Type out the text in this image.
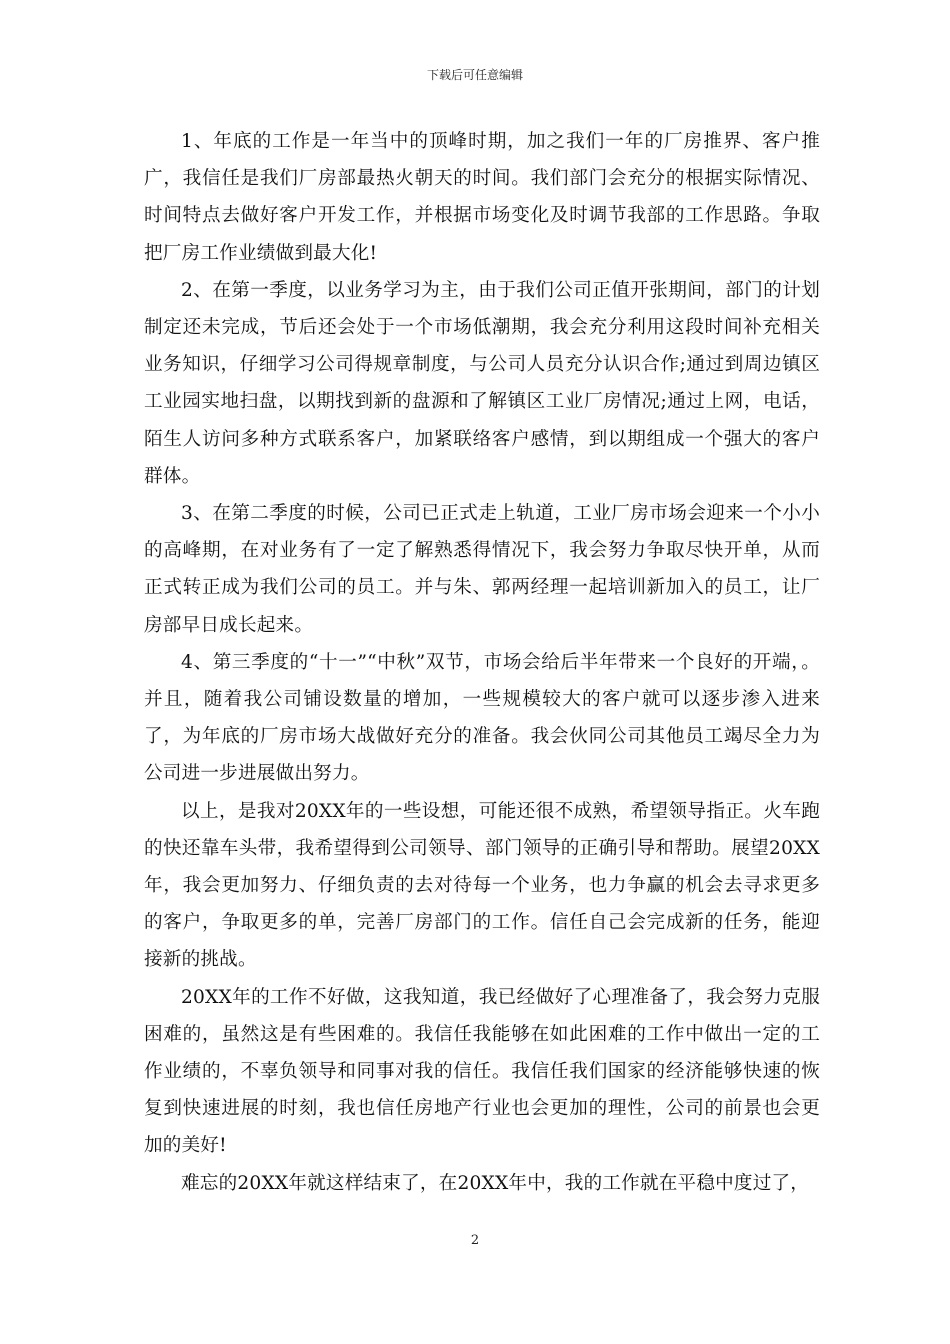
下载后可任意编辑

1、年底的工作是一年当中的顶峰时期，加之我们一年的厂房推界、客户推广，我信任是我们厂房部最热火朝天的时间。我们部门会充分的根据实际情况、时间特点去做好客户开发工作，并根据市场变化及时调节我部的工作思路。争取把厂房工作业绩做到最大化!

2、在第一季度，以业务学习为主，由于我们公司正值开张期间，部门的计划制定还未完成，节后还会处于一个市场低潮期，我会充分利用这段时间补充相关业务知识，仔细学习公司得规章制度，与公司人员充分认识合作;通过到周边镇区工业园实地扫盘，以期找到新的盘源和了解镇区工业厂房情况;通过上网，电话，陌生人访问多种方式联系客户，加紧联络客户感情，到以期组成一个强大的客户群体。

3、在第二季度的时候，公司已正式走上轨道，工业厂房市场会迎来一个小小的高峰期，在对业务有了一定了解熟悉得情况下，我会努力争取尽快开单，从而正式转正成为我们公司的员工。并与朱、郭两经理一起培训新加入的员工，让厂房部早日成长起来。

4、第三季度的“十一”“中秋”双节，市场会给后半年带来一个良好的开端，。并且，随着我公司铺设数量的增加，一些规模较大的客户就可以逐步渗入进来了，为年底的厂房市场大战做好充分的准备。我会伙同公司其他员工竭尽全力为公司进一步进展做出努力。

以上，是我对20XX年的一些设想，可能还很不成熟，希望领导指正。火车跑的快还靠车头带，我希望得到公司领导、部门领导的正确引导和帮助。展望20XX年，我会更加努力、仔细负责的去对待每一个业务，也力争赢的机会去寻求更多的客户，争取更多的单，完善厂房部门的工作。信任自己会完成新的任务，能迎接新的挑战。

20XX年的工作不好做，这我知道，我已经做好了心理准备了，我会努力克服困难的，虽然这是有些困难的。我信任我能够在如此困难的工作中做出一定的工作业绩的，不辜负领导和同事对我的信任。我信任我们国家的经济能够快速的恢复到快速进展的时刻，我也信任房地产行业也会更加的理性，公司的前景也会更加的美好!

难忘的20XX年就这样结束了，在20XX年中，我的工作就在平稳中度过了，

2
